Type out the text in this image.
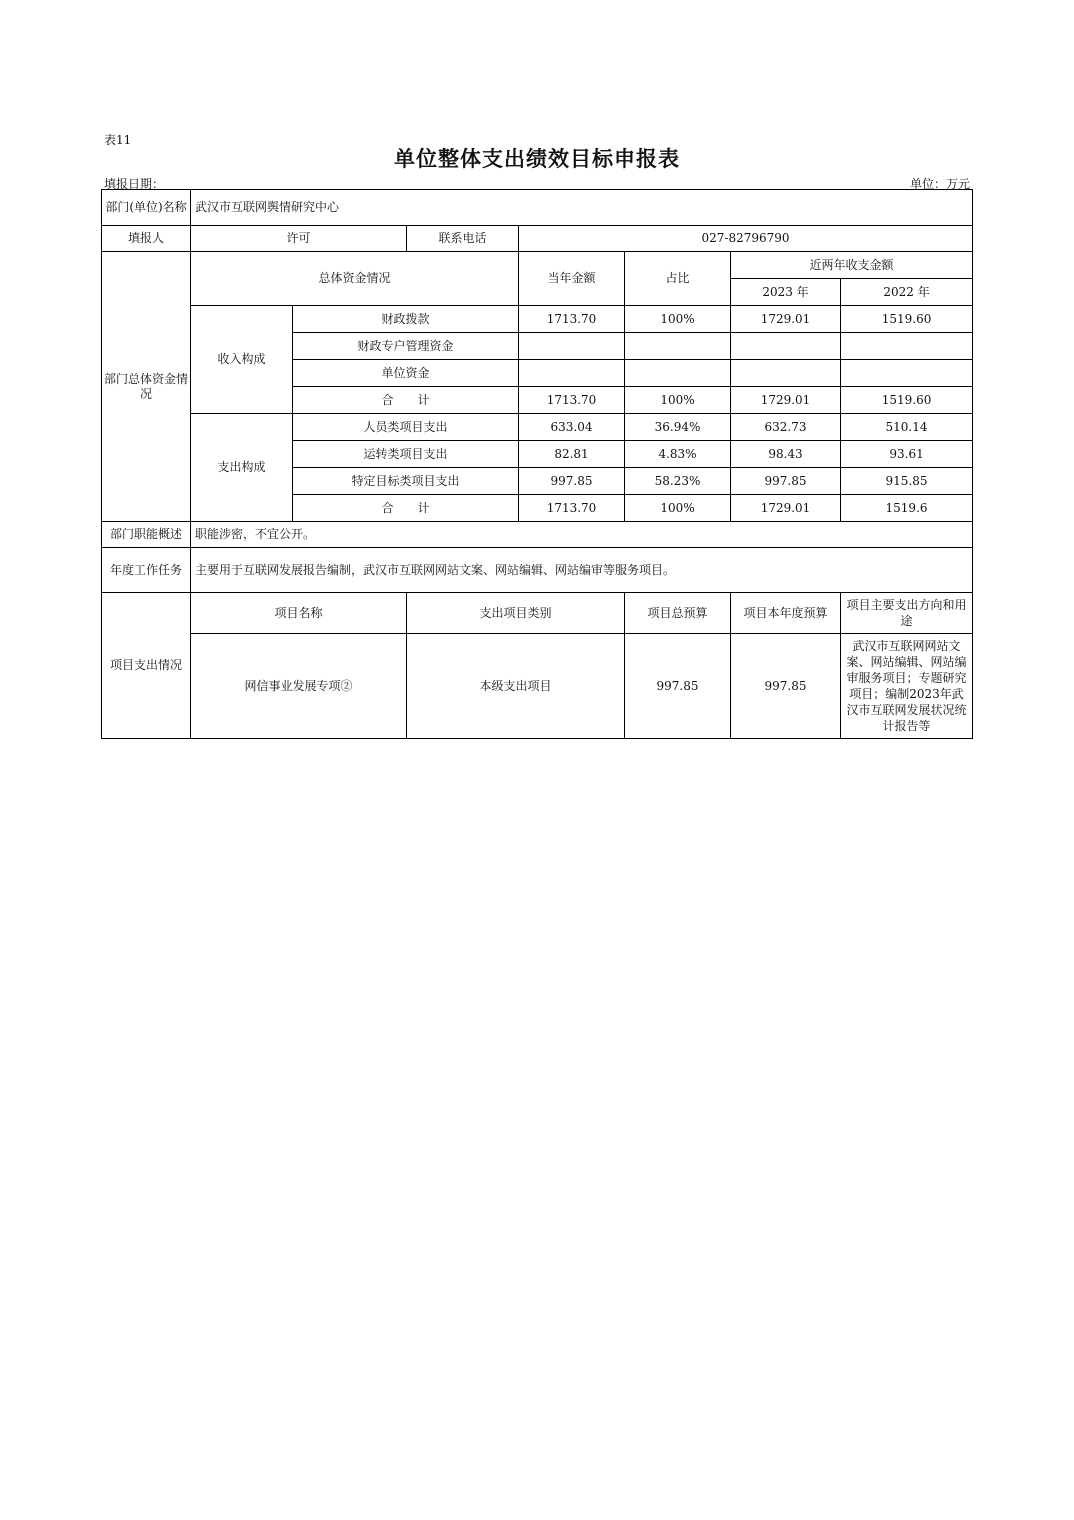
表11
单位整体支出绩效目标申报表
填报日期：	单位：万元
部门(单位)名称	武汉市互联网舆情研究中心						
填报人	许可		联系电话	027-82796790			
部门总体资金情况	总体资金情况			当年金额	占比	近两年收支金额	
						2023 年	2022 年
	收入构成	财政拨款		1713.70	100%	1729.01	1519.60
		财政专户管理资金					
		单位资金					
		合　　计		1713.70	100%	1729.01	1519.60
	支出构成	人员类项目支出		633.04	36.94%	632.73	510.14
		运转类项目支出		82.81	4.83%	98.43	93.61
		特定目标类项目支出		997.85	58.23%	997.85	915.85
		合　　计		1713.70	100%	1729.01	1519.6
部门职能概述	职能涉密，不宜公开。						
年度工作任务	主要用于互联网发展报告编制，武汉市互联网网站文案、网站编辑、网站编审等服务项目。						
项目支出情况	项目名称		支出项目类别		项目总预算	项目本年度预算	项目主要支出方向和用途
	网信事业发展专项②		本级支出项目		997.85	997.85	武汉市互联网网站文案、网站编辑、网站编审服务项目；专题研究项目；编制2023年武汉市互联网发展状况统计报告等
